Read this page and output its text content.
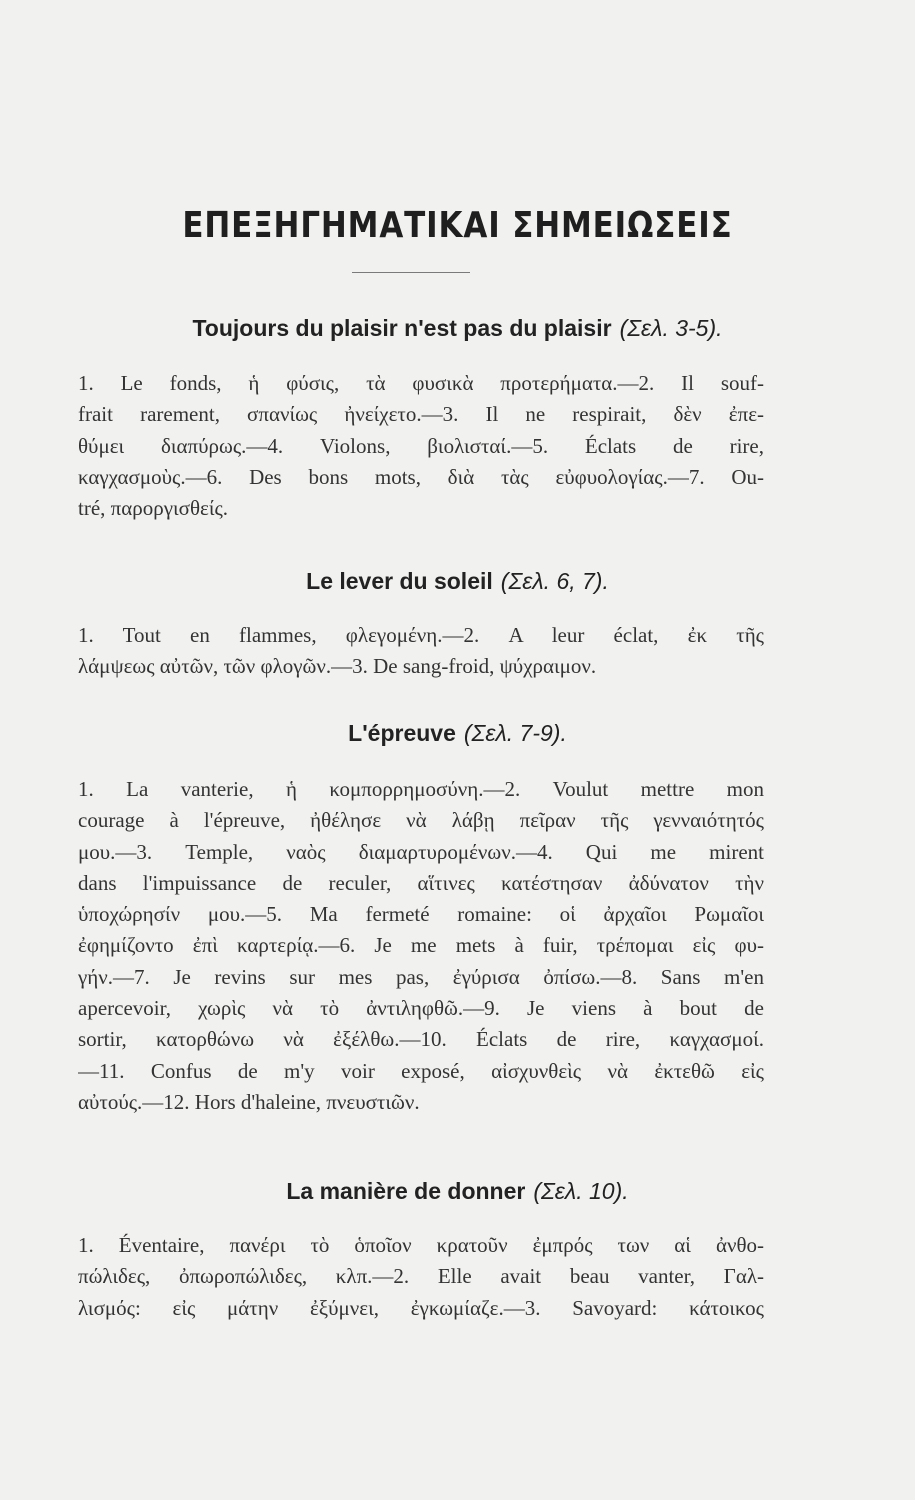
ΕΠΕΞΗΓΗΜΑΤΙΚΑΙ ΣΗΜΕΙΩΣΕΙΣ
Toujours du plaisir n'est pas du plaisir (Σελ. 3-5).
1. Le fonds, ἡ φύσις, τὰ φυσικὰ προτερήματα.—2. Il souf-
frait rarement, σπανίως ἠνείχετο.—3. Il ne respirait, δὲν ἐπε-
θύμει διαπύρως.—4. Violons, βιολισταί.—5. Éclats de rire,
καγχασμοὺς.—6. Des bons mots, διὰ τὰς εὐφυολογίας.—7. Ou-
tré, παροργισθείς.
Le lever du soleil (Σελ. 6, 7).
1. Tout en flammes, φλεγομένη.—2. A leur éclat, ἐκ τῆς
λάμψεως αὐτῶν, τῶν φλογῶν.—3. De sang-froid, ψύχραιμον.
L'épreuve (Σελ. 7-9).
1. La vanterie, ἡ κομπορρημοσύνη.—2. Voulut mettre mon
courage à l'épreuve, ἠθέλησε νὰ λάβῃ πεῖραν τῆς γενναιότητός
μου.—3. Temple, ναὸς διαμαρτυρομένων.—4. Qui me mirent
dans l'impuissance de reculer, αἵτινες κατέστησαν ἀδύνατον τὴν
ὑποχώρησίν μου.—5. Ma fermeté romaine: οἱ ἀρχαῖοι Ρωμαῖοι
ἐφημίζοντο ἐπὶ καρτερίᾳ.—6. Je me mets à fuir, τρέπομαι εἰς φυ-
γήν.—7. Je revins sur mes pas, ἐγύρισα ὀπίσω.—8. Sans m'en
apercevoir, χωρὶς νὰ τὸ ἀντιληφθῶ.—9. Je viens à bout de
sortir, κατορθώνω νὰ ἐξέλθω.—10. Éclats de rire, καγχασμοί.
—11. Confus de m'y voir exposé, αἰσχυνθεὶς νὰ ἐκτεθῶ εἰς
αὐτούς.—12. Hors d'haleine, πνευστιῶν.
La manière de donner (Σελ. 10).
1. Éventaire, πανέρι τὸ ὁποῖον κρατοῦν ἐμπρός των αἱ ἀνθο-
πώλιδες, ὀπωροπώλιδες, κλπ.—2. Elle avait beau vanter, Γαλ-
λισμός: εἰς μάτην ἐξύμνει, ἐγκωμίαζε.—3. Savoyard: κάτοικος
